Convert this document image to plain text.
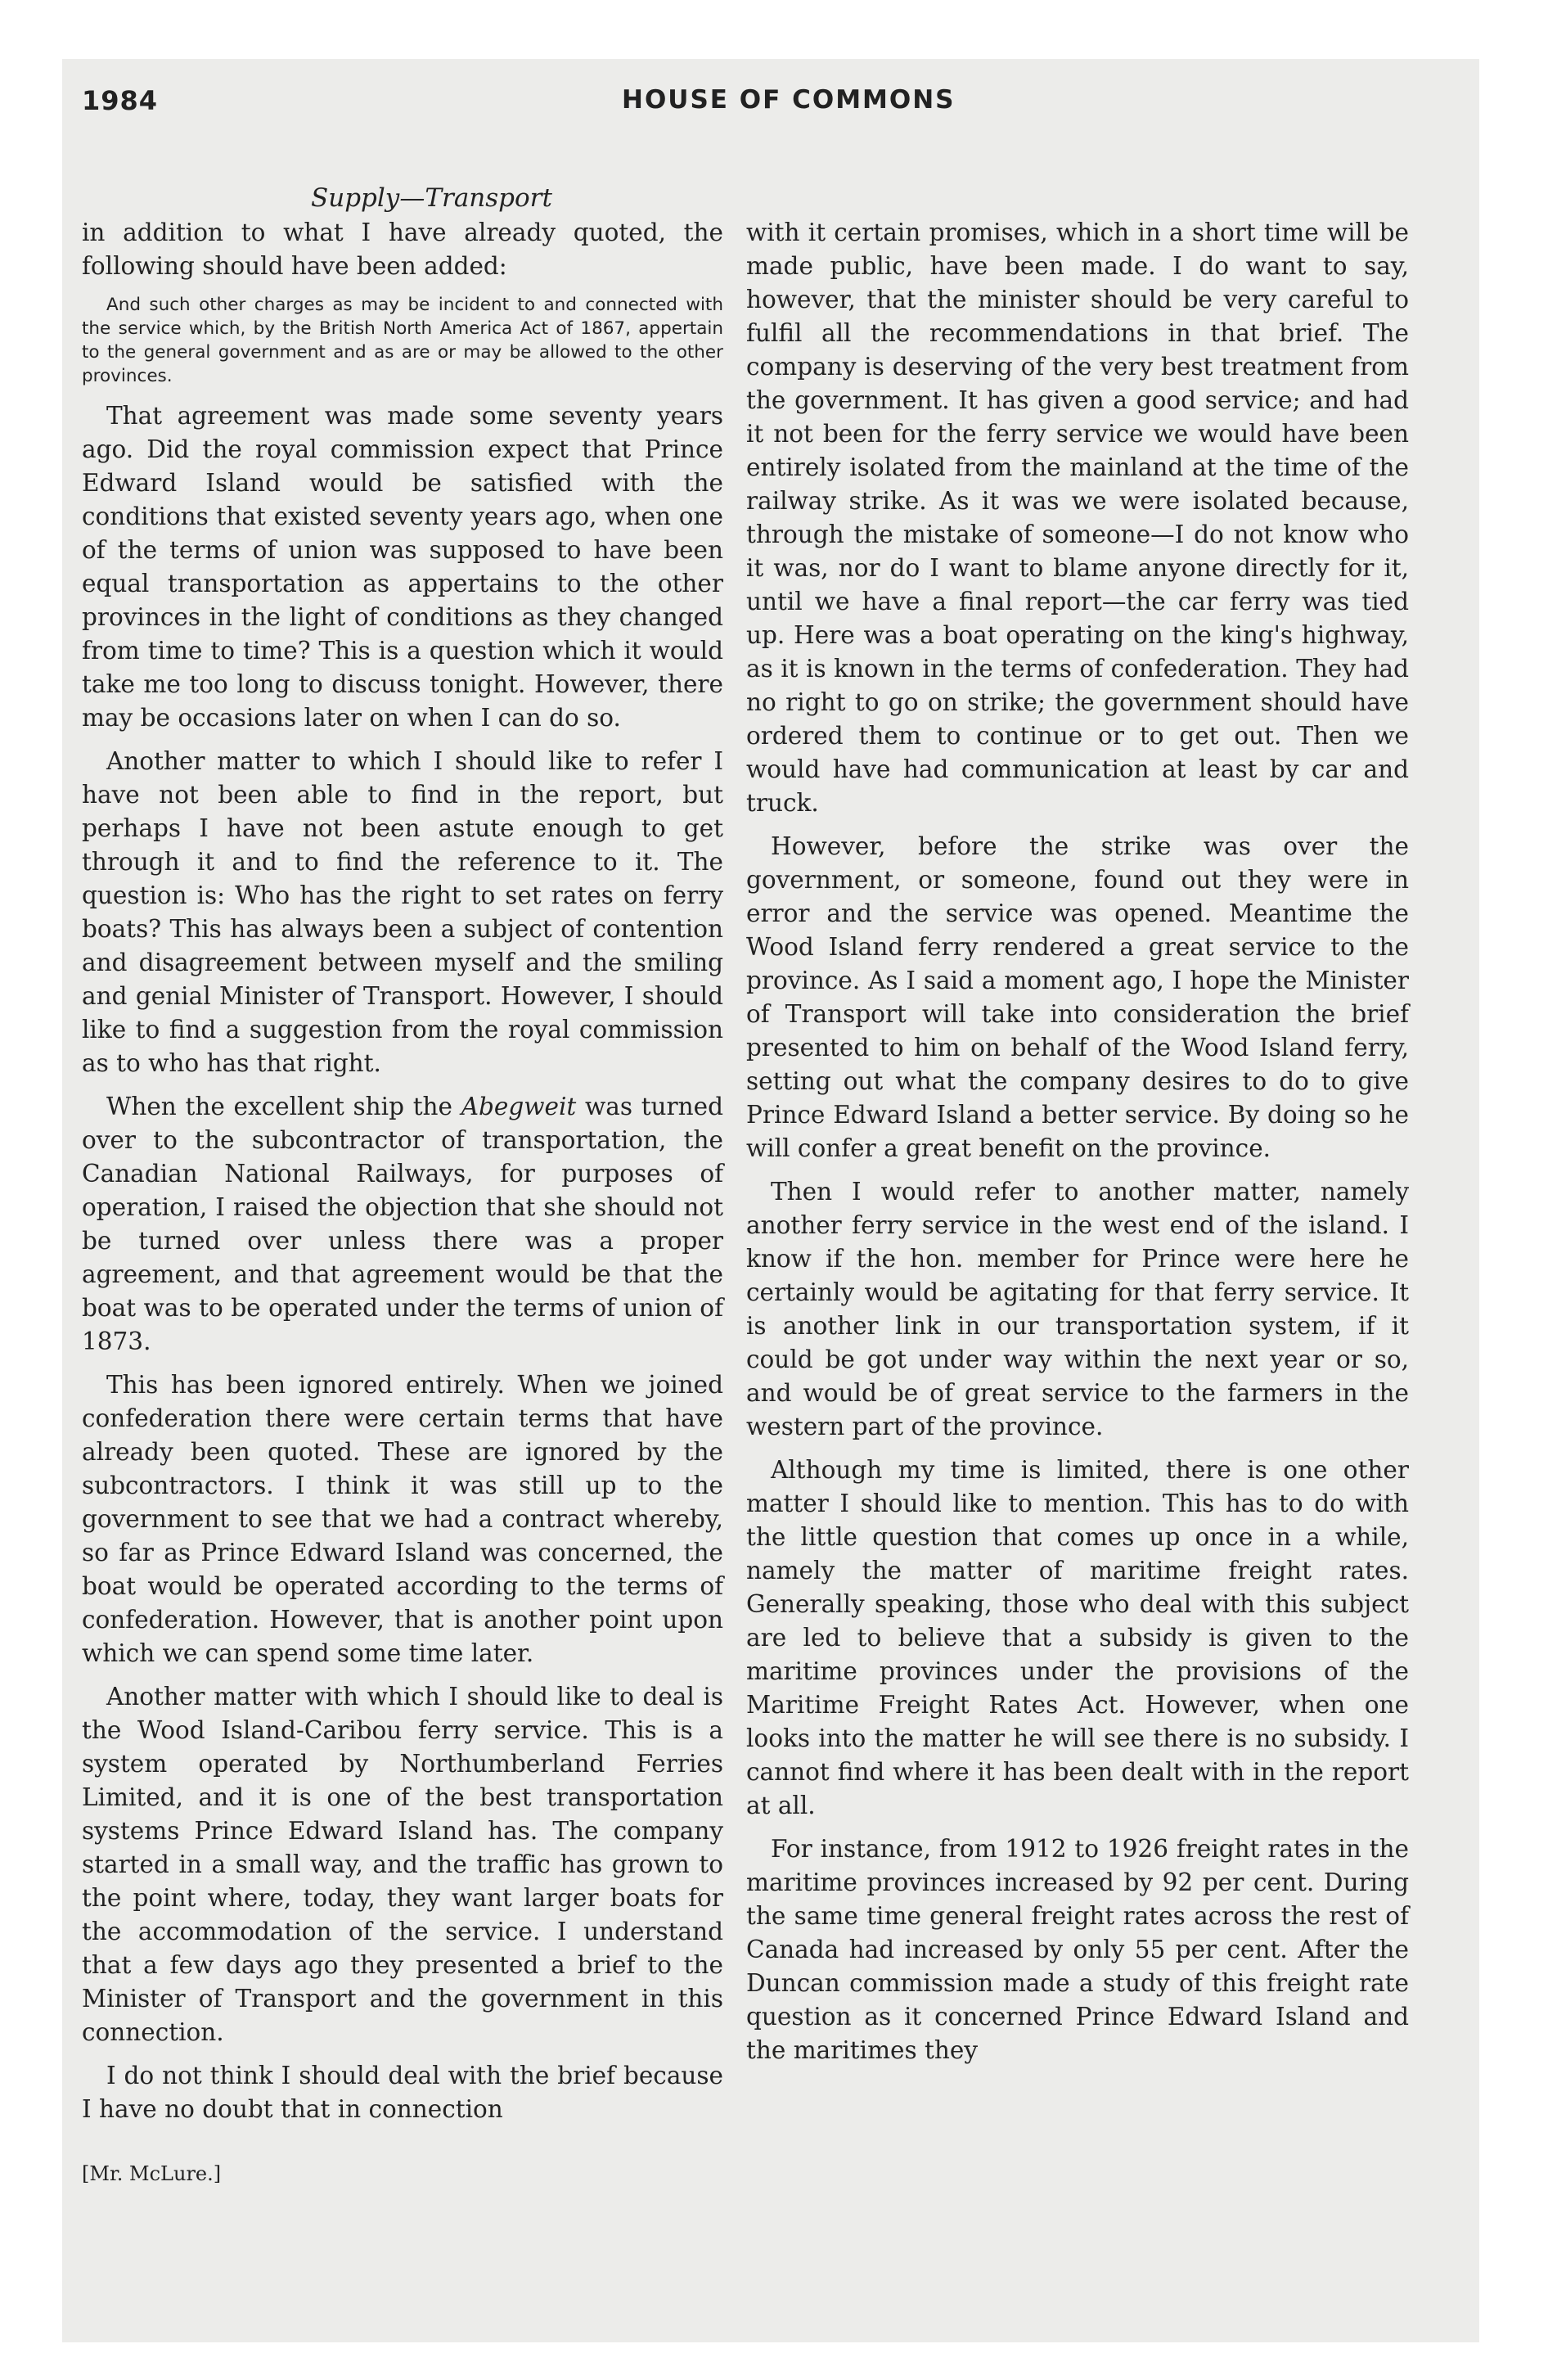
1984	HOUSE OF COMMONS
Supply—Transport

in addition to what I have already quoted, the following should have been added:

And such other charges as may be incident to and connected with the service which, by the British North America Act of 1867, appertain to the general government and as are or may be allowed to the other provinces.

That agreement was made some seventy years ago. Did the royal commission expect that Prince Edward Island would be satisfied with the conditions that existed seventy years ago, when one of the terms of union was supposed to have been equal transportation as appertains to the other provinces in the light of conditions as they changed from time to time? This is a question which it would take me too long to discuss tonight. However, there may be occasions later on when I can do so.

Another matter to which I should like to refer I have not been able to find in the report, but perhaps I have not been astute enough to get through it and to find the reference to it. The question is: Who has the right to set rates on ferry boats? This has always been a subject of contention and disagreement between myself and the smiling and genial Minister of Transport. However, I should like to find a suggestion from the royal commission as to who has that right.

When the excellent ship the Abegweit was turned over to the subcontractor of transportation, the Canadian National Railways, for purposes of operation, I raised the objection that she should not be turned over unless there was a proper agreement, and that agreement would be that the boat was to be operated under the terms of union of 1873.

This has been ignored entirely. When we joined confederation there were certain terms that have already been quoted. These are ignored by the subcontractors. I think it was still up to the government to see that we had a contract whereby, so far as Prince Edward Island was concerned, the boat would be operated according to the terms of confederation. However, that is another point upon which we can spend some time later.

Another matter with which I should like to deal is the Wood Island-Caribou ferry service. This is a system operated by Northumberland Ferries Limited, and it is one of the best transportation systems Prince Edward Island has. The company started in a small way, and the traffic has grown to the point where, today, they want larger boats for the accommodation of the service. I understand that a few days ago they presented a brief to the Minister of Transport and the government in this connection.

I do not think I should deal with the brief because I have no doubt that in connection

with it certain promises, which in a short time will be made public, have been made. I do want to say, however, that the minister should be very careful to fulfil all the recommendations in that brief. The company is deserving of the very best treatment from the government. It has given a good service; and had it not been for the ferry service we would have been entirely isolated from the mainland at the time of the railway strike. As it was we were isolated because, through the mistake of someone—I do not know who it was, nor do I want to blame anyone directly for it, until we have a final report—the car ferry was tied up. Here was a boat operating on the king's highway, as it is known in the terms of confederation. They had no right to go on strike; the government should have ordered them to continue or to get out. Then we would have had communication at least by car and truck.

However, before the strike was over the government, or someone, found out they were in error and the service was opened. Meantime the Wood Island ferry rendered a great service to the province. As I said a moment ago, I hope the Minister of Transport will take into consideration the brief presented to him on behalf of the Wood Island ferry, setting out what the company desires to do to give Prince Edward Island a better service. By doing so he will confer a great benefit on the province.

Then I would refer to another matter, namely another ferry service in the west end of the island. I know if the hon. member for Prince were here he certainly would be agitating for that ferry service. It is another link in our transportation system, if it could be got under way within the next year or so, and would be of great service to the farmers in the western part of the province.

Although my time is limited, there is one other matter I should like to mention. This has to do with the little question that comes up once in a while, namely the matter of maritime freight rates. Generally speaking, those who deal with this subject are led to believe that a subsidy is given to the maritime provinces under the provisions of the Maritime Freight Rates Act. However, when one looks into the matter he will see there is no subsidy. I cannot find where it has been dealt with in the report at all.

For instance, from 1912 to 1926 freight rates in the maritime provinces increased by 92 per cent. During the same time general freight rates across the rest of Canada had increased by only 55 per cent. After the Duncan commission made a study of this freight rate question as it concerned Prince Edward Island and the maritimes they

[Mr. McLure.]
